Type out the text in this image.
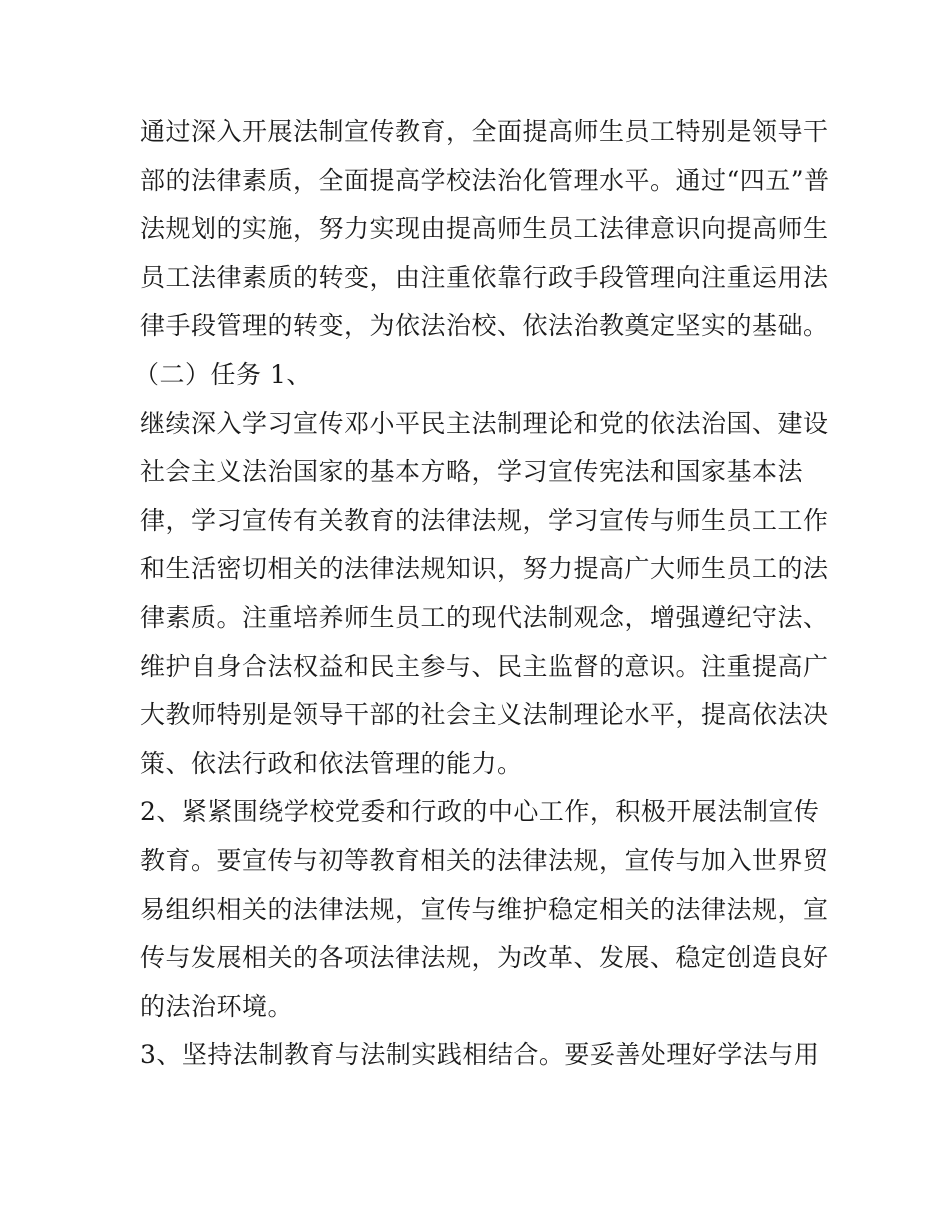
通过深入开展法制宣传教育，全面提高师生员工特别是领导干
部的法律素质，全面提高学校法治化管理水平。通过“四五”普
法规划的实施，努力实现由提高师生员工法律意识向提高师生
员工法律素质的转变，由注重依靠行政手段管理向注重运用法
律手段管理的转变，为依法治校、依法治教奠定坚实的基础。
（二）任务 1、
继续深入学习宣传邓小平民主法制理论和党的依法治国、建设
社会主义法治国家的基本方略，学习宣传宪法和国家基本法
律，学习宣传有关教育的法律法规，学习宣传与师生员工工作
和生活密切相关的法律法规知识，努力提高广大师生员工的法
律素质。注重培养师生员工的现代法制观念，增强遵纪守法、
维护自身合法权益和民主参与、民主监督的意识。注重提高广
大教师特别是领导干部的社会主义法制理论水平，提高依法决
策、依法行政和依法管理的能力。
2、紧紧围绕学校党委和行政的中心工作，积极开展法制宣传
教育。要宣传与初等教育相关的法律法规，宣传与加入世界贸
易组织相关的法律法规，宣传与维护稳定相关的法律法规，宣
传与发展相关的各项法律法规，为改革、发展、稳定创造良好
的法治环境。
3、坚持法制教育与法制实践相结合。要妥善处理好学法与用
